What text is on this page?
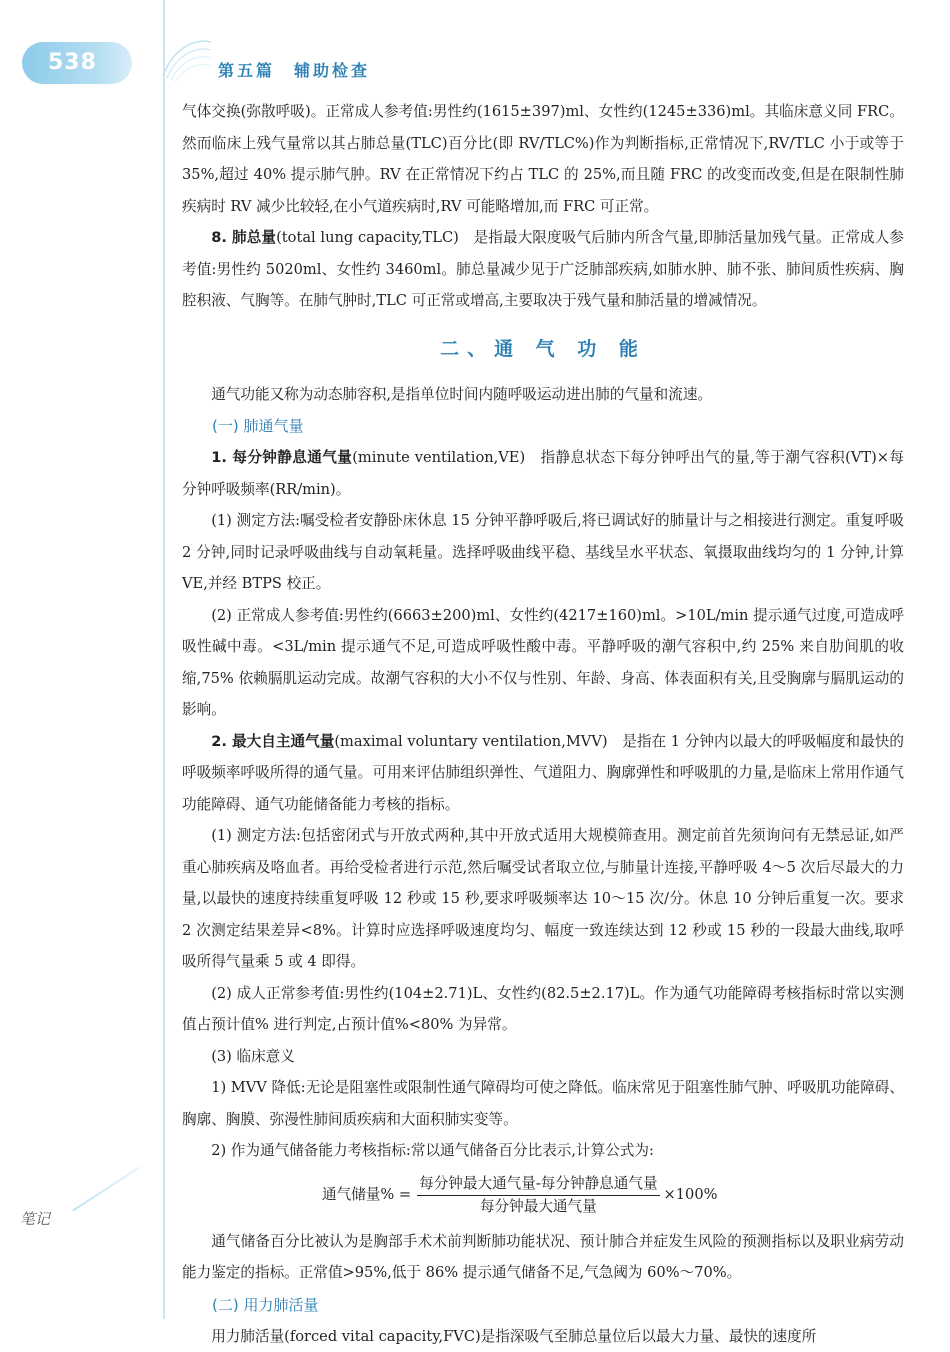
538	第五篇　辅助检查

气体交换(弥散呼吸)。正常成人参考值:男性约(1615±397)ml、女性约(1245±336)ml。其临床意义同 FRC。然而临床上残气量常以其占肺总量(TLC)百分比(即 RV/TLC%)作为判断指标,正常情况下,RV/TLC 小于或等于 35%,超过 40% 提示肺气肿。RV 在正常情况下约占 TLC 的 25%,而且随 FRC 的改变而改变,但是在限制性肺疾病时 RV 减少比较轻,在小气道疾病时,RV 可能略增加,而 FRC 可正常。

8. 肺总量(total lung capacity,TLC)　是指最大限度吸气后肺内所含气量,即肺活量加残气量。正常成人参考值:男性约 5020ml、女性约 3460ml。肺总量减少见于广泛肺部疾病,如肺水肿、肺不张、肺间质性疾病、胸腔积液、气胸等。在肺气肿时,TLC 可正常或增高,主要取决于残气量和肺活量的增减情况。

二、通 气 功 能

通气功能又称为动态肺容积,是指单位时间内随呼吸运动进出肺的气量和流速。

(一) 肺通气量

1. 每分钟静息通气量(minute ventilation,VE)　指静息状态下每分钟呼出气的量,等于潮气容积(VT)×每分钟呼吸频率(RR/min)。

(1) 测定方法:嘱受检者安静卧床休息 15 分钟平静呼吸后,将已调试好的肺量计与之相接进行测定。重复呼吸 2 分钟,同时记录呼吸曲线与自动氧耗量。选择呼吸曲线平稳、基线呈水平状态、氧摄取曲线均匀的 1 分钟,计算 VE,并经 BTPS 校正。

(2) 正常成人参考值:男性约(6663±200)ml、女性约(4217±160)ml。>10L/min 提示通气过度,可造成呼吸性碱中毒。<3L/min 提示通气不足,可造成呼吸性酸中毒。平静呼吸的潮气容积中,约 25% 来自肋间肌的收缩,75% 依赖膈肌运动完成。故潮气容积的大小不仅与性别、年龄、身高、体表面积有关,且受胸廓与膈肌运动的影响。

2. 最大自主通气量(maximal voluntary ventilation,MVV)　是指在 1 分钟内以最大的呼吸幅度和最快的呼吸频率呼吸所得的通气量。可用来评估肺组织弹性、气道阻力、胸廓弹性和呼吸肌的力量,是临床上常用作通气功能障碍、通气功能储备能力考核的指标。

(1) 测定方法:包括密闭式与开放式两种,其中开放式适用大规模筛查用。测定前首先须询问有无禁忌证,如严重心肺疾病及咯血者。再给受检者进行示范,然后嘱受试者取立位,与肺量计连接,平静呼吸 4～5 次后尽最大的力量,以最快的速度持续重复呼吸 12 秒或 15 秒,要求呼吸频率达 10～15 次/分。休息 10 分钟后重复一次。要求 2 次测定结果差异<8%。计算时应选择呼吸速度均匀、幅度一致连续达到 12 秒或 15 秒的一段最大曲线,取呼吸所得气量乘 5 或 4 即得。

(2) 成人正常参考值:男性约(104±2.71)L、女性约(82.5±2.17)L。作为通气功能障碍考核指标时常以实测值占预计值% 进行判定,占预计值%<80% 为异常。

(3) 临床意义

1) MVV 降低:无论是阻塞性或限制性通气障碍均可使之降低。临床常见于阻塞性肺气肿、呼吸肌功能障碍、胸廓、胸膜、弥漫性肺间质疾病和大面积肺实变等。

2) 作为通气储备能力考核指标:常以通气储备百分比表示,计算公式为:

通气储量% = $\frac{\text{每分钟最大通气量-每分钟静息通气量}}{\text{每分钟最大通气量}} \times 100\%$

通气储备百分比被认为是胸部手术术前判断肺功能状况、预计肺合并症发生风险的预测指标以及职业病劳动能力鉴定的指标。正常值>95%,低于 86% 提示通气储备不足,气急阈为 60%～70%。

(二) 用力肺活量

用力肺活量(forced vital capacity,FVC)是指深吸气至肺总量位后以最大力量、最快的速度所

笔记
